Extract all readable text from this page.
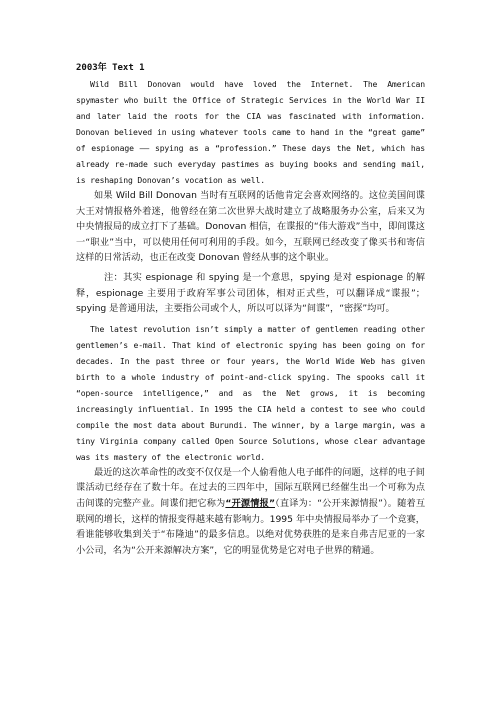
2003年 Text 1

Wild Bill Donovan would have loved the Internet. The American spymaster who built the Office of Strategic Services in the World War II and later laid the roots for the CIA was fascinated with information. Donovan believed in using whatever tools came to hand in the “great game” of espionage —— spying as a “profession.” These days the Net, which has already re-made such everyday pastimes as buying books and sending mail, is reshaping Donovan’s vocation as well.

如果 Wild Bill Donovan 当时有互联网的话他肯定会喜欢网络的。这位美国间谍大王对情报格外着迷，他曾经在第二次世界大战时建立了战略服务办公室，后来又为中央情报局的成立打下了基础。Donovan 相信，在谍报的“伟大游戏”当中，即间谍这一“职业”当中，可以使用任何可利用的手段。如今，互联网已经改变了像买书和寄信这样的日常活动，也正在改变 Donovan 曾经从事的这个职业。

注：其实 espionage 和 spying 是一个意思，spying 是对 espionage 的解释，espionage 主要用于政府军事公司团体，相对正式些，可以翻译成“谍报”；spying 是普通用法，主要指公司或个人，所以可以译为“间谍”，“密探”均可。

The latest revolution isn’t simply a matter of gentlemen reading other gentlemen’s e-mail. That kind of electronic spying has been going on for decades. In the past three or four years, the World Wide Web has given birth to a whole industry of point-and-click spying. The spooks call it “open-source intelligence,” and as the Net grows, it is becoming increasingly influential. In 1995 the CIA held a contest to see who could compile the most data about Burundi. The winner, by a large margin, was a tiny Virginia company called Open Source Solutions, whose clear advantage was its mastery of the electronic world.

最近的这次革命性的改变不仅仅是一个人偷看他人电子邮件的问题，这样的电子间谍活动已经存在了数十年。在过去的三四年中，国际互联网已经催生出一个可称为点击间谍的完整产业。间谍们把它称为“开源情报”（直译为：“公开来源情报”）。随着互联网的增长，这样的情报变得越来越有影响力。1995 年中央情报局举办了一个竞赛，看谁能够收集到关于“布隆迪”的最多信息。以绝对优势获胜的是来自弗吉尼亚的一家小公司，名为“公开来源解决方案”，它的明显优势是它对电子世界的精通。
